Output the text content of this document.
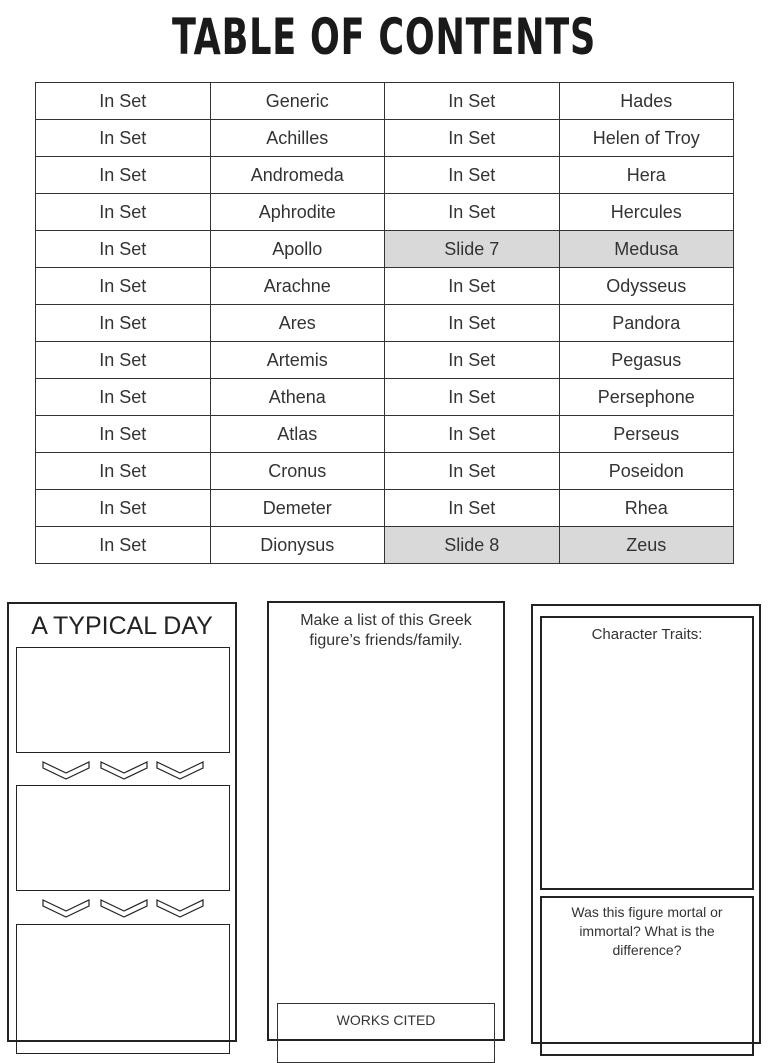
TABLE OF CONTENTS
In Set	Generic	In Set	Hades
In Set	Achilles	In Set	Helen of Troy
In Set	Andromeda	In Set	Hera
In Set	Aphrodite	In Set	Hercules
In Set	Apollo	Slide 7	Medusa
In Set	Arachne	In Set	Odysseus
In Set	Ares	In Set	Pandora
In Set	Artemis	In Set	Pegasus
In Set	Athena	In Set	Persephone
In Set	Atlas	In Set	Perseus
In Set	Cronus	In Set	Poseidon
In Set	Demeter	In Set	Rhea
In Set	Dionysus	Slide 8	Zeus
A TYPICAL DAY	Make a list of this Greek figure’s friends/family.
WORKS CITED
Character Traits:
Was this figure mortal or immortal? What is the difference?
